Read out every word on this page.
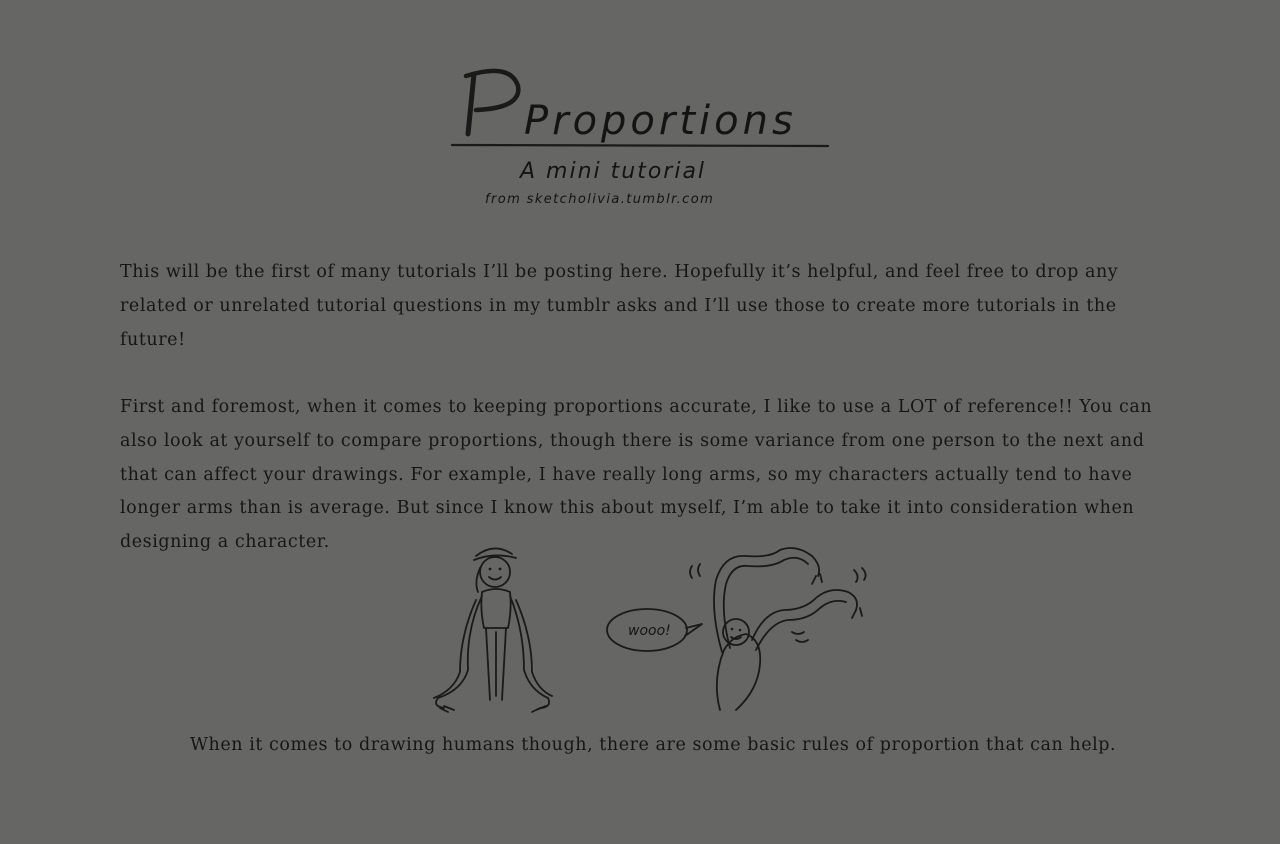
Proportions
A mini tutorial
from sketcholivia.tumblr.com

This will be the first of many tutorials I’ll be posting here. Hopefully it’s helpful, and feel free to drop any related or unrelated tutorial questions in my tumblr asks and I’ll use those to create more tutorials in the future!

First and foremost, when it comes to keeping proportions accurate, I like to use a LOT of reference!! You can also look at yourself to compare proportions, though there is some variance from one person to the next and that can affect your drawings. For example, I have really long arms, so my characters actually tend to have longer arms than is average. But since I know this about myself, I’m able to take it into consideration when designing a character.

wooo!

When it comes to drawing humans though, there are some basic rules of proportion that can help.
